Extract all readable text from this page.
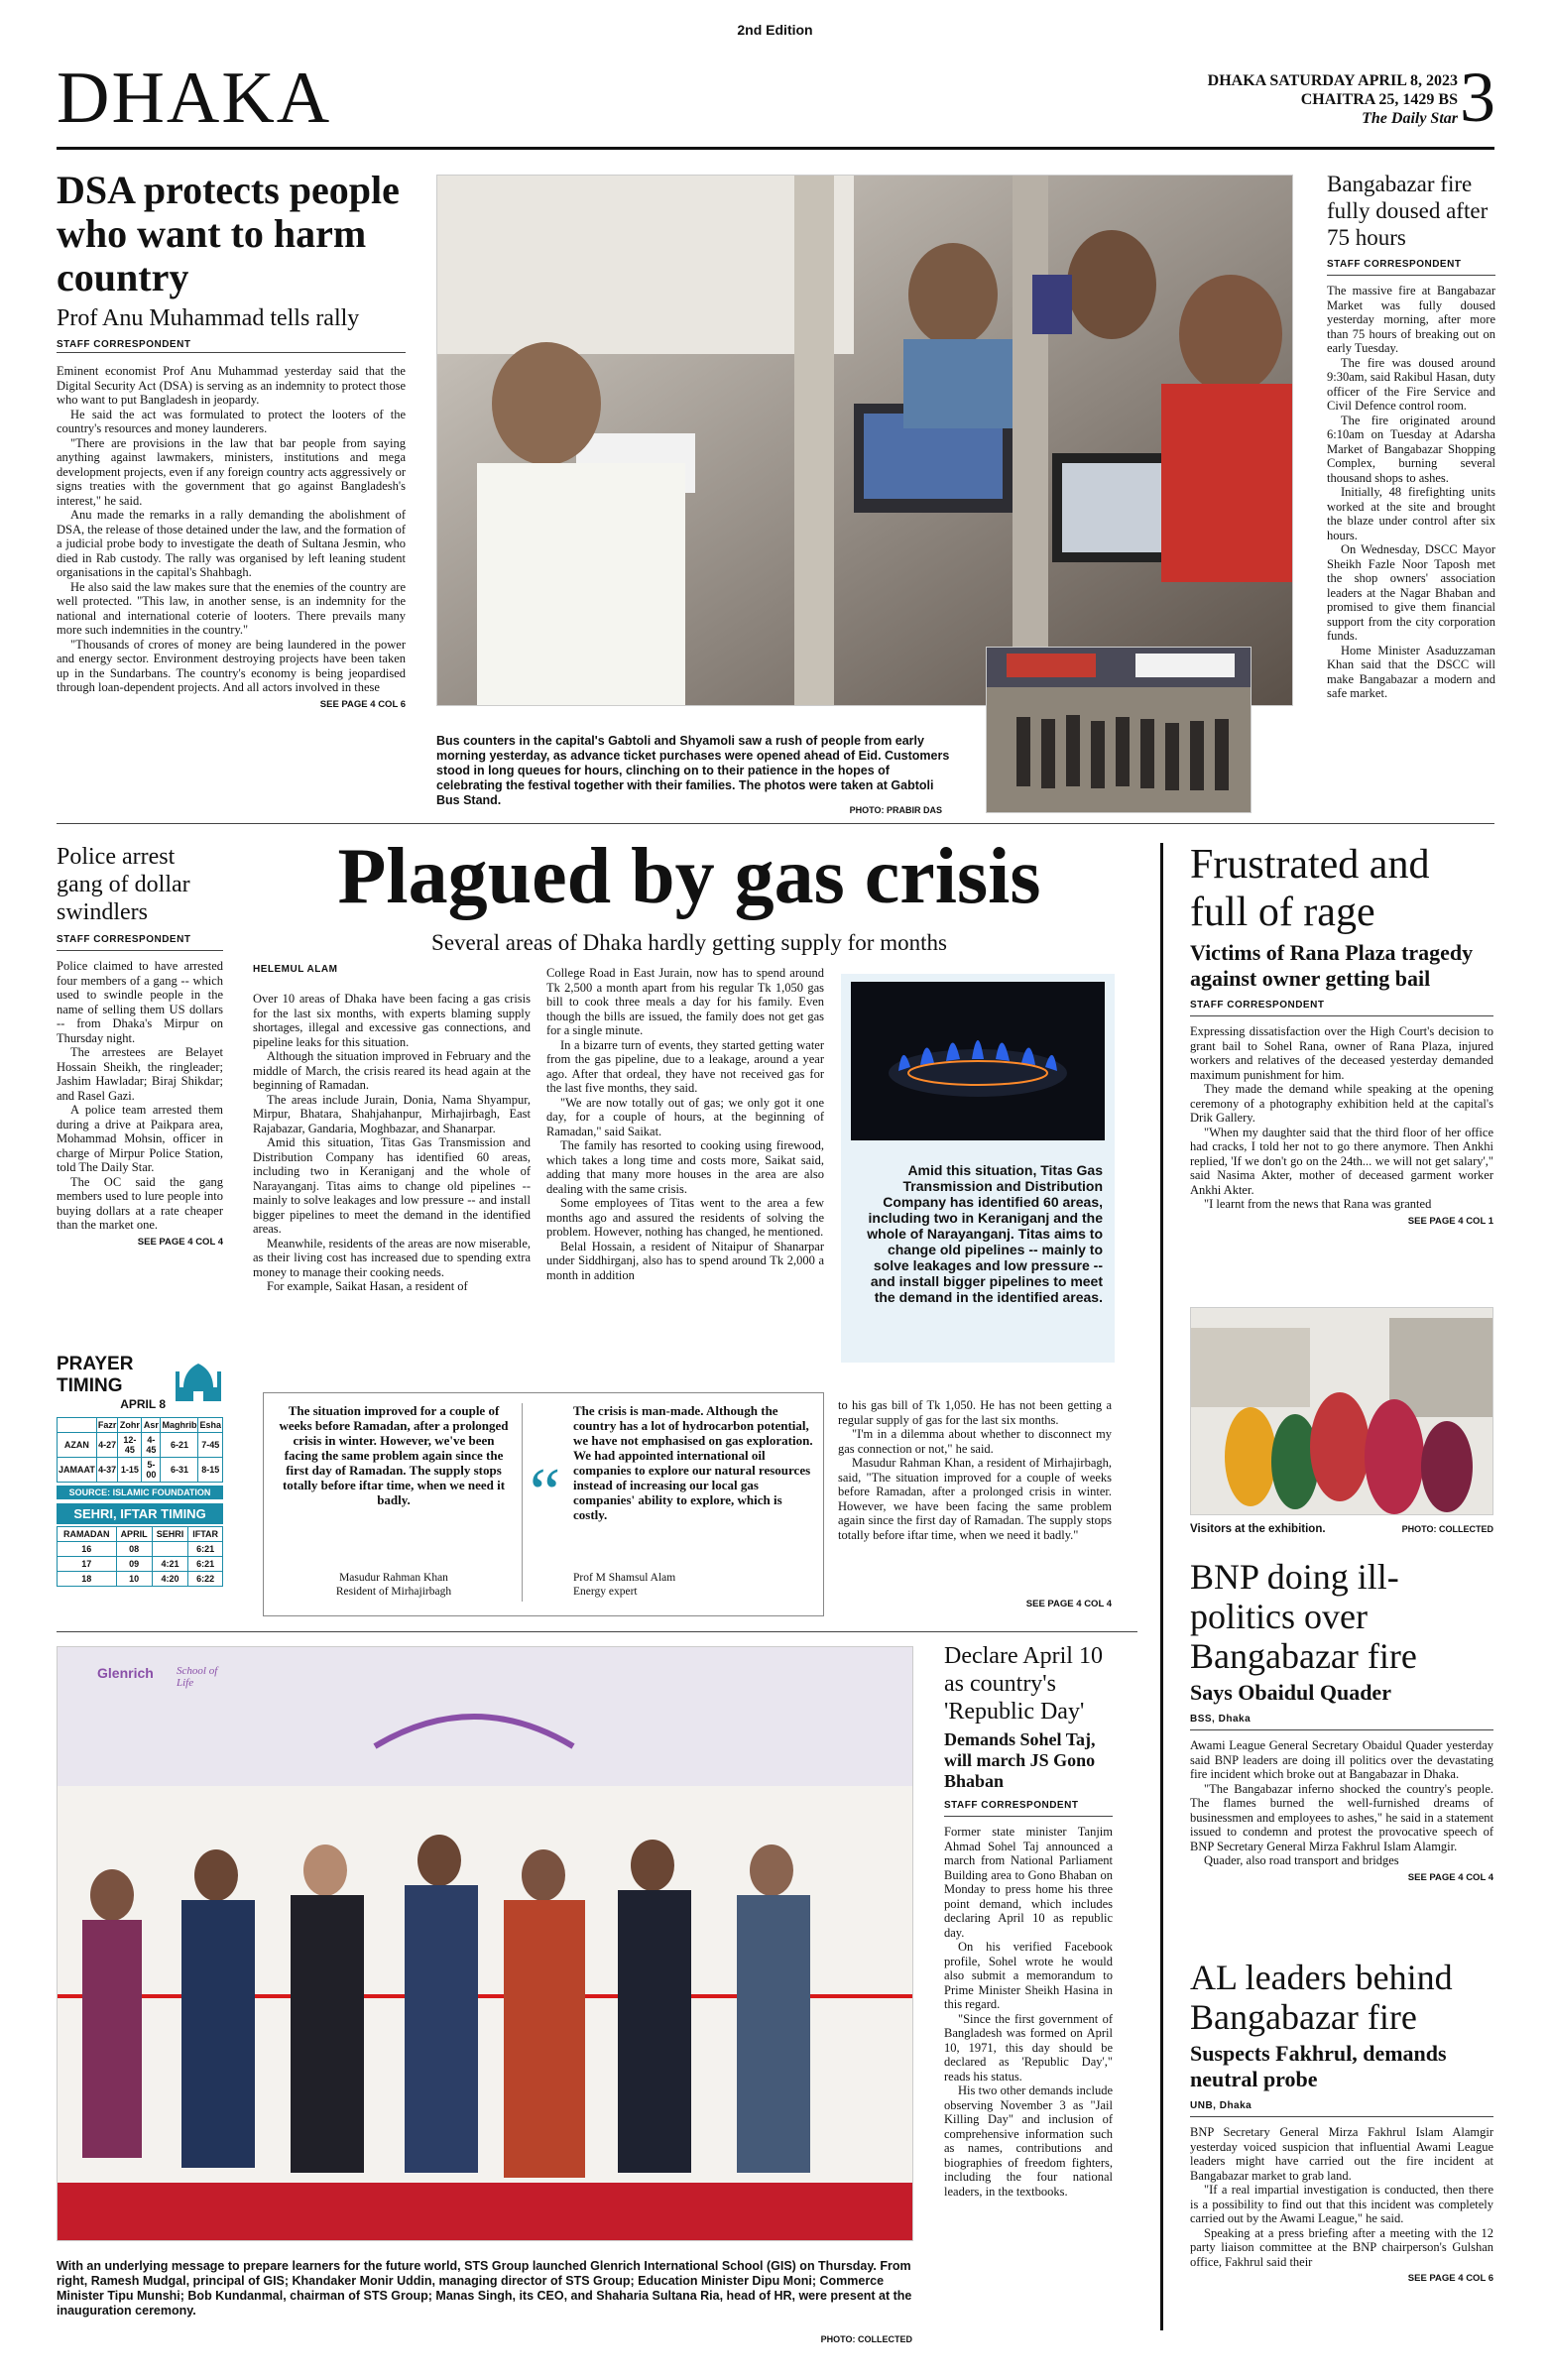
2nd Edition
DHAKA	DHAKA SATURDAY APRIL 8, 2023
CHAITRA 25, 1429 BS
The Daily Star 3
DSA protects people who want to harm country
Prof Anu Muhammad tells rally
STAFF CORRESPONDENT

Eminent economist Prof Anu Muhammad yesterday said that the Digital Security Act (DSA) is serving as an indemnity to protect those who want to put Bangladesh in jeopardy.

He said the act was formulated to protect the looters of the country's resources and money launderers.

"There are provisions in the law that bar people from saying anything against lawmakers, ministers, institutions and mega development projects, even if any foreign country acts aggressively or signs treaties with the government that go against Bangladesh's interest," he said.

Anu made the remarks in a rally demanding the abolishment of DSA, the release of those detained under the law, and the formation of a judicial probe body to investigate the death of Sultana Jesmin, who died in Rab custody. The rally was organised by left leaning student organisations in the capital's Shahbagh.

He also said the law makes sure that the enemies of the country are well protected. "This law, in another sense, is an indemnity for the national and international coterie of looters. There prevails many more such indemnities in the country."

"Thousands of crores of money are being laundered in the power and energy sector. Environment destroying projects have been taken up in the Sundarbans. The country's economy is being jeopardised through loan-dependent projects. And all actors involved in these

SEE PAGE 4 COL 6
Bus counters in the capital's Gabtoli and Shyamoli saw a rush of people from early morning yesterday, as advance ticket purchases were opened ahead of Eid. Customers stood in long queues for hours, clinching on to their patience in the hopes of celebrating the festival together with their families. The photos were taken at Gabtoli Bus Stand.
PHOTO: PRABIR DAS
Bangabazar fire fully doused after 75 hours
STAFF CORRESPONDENT

The massive fire at Bangabazar Market was fully doused yesterday morning, after more than 75 hours of breaking out on early Tuesday.

The fire was doused around 9:30am, said Rakibul Hasan, duty officer of the Fire Service and Civil Defence control room.

The fire originated around 6:10am on Tuesday at Adarsha Market of Bangabazar Shopping Complex, burning several thousand shops to ashes.

Initially, 48 firefighting units worked at the site and brought the blaze under control after six hours.

On Wednesday, DSCC Mayor Sheikh Fazle Noor Taposh met the shop owners' association leaders at the Nagar Bhaban and promised to give them financial support from the city corporation funds.

Home Minister Asaduzzaman Khan said that the DSCC will make Bangabazar a modern and safe market.

Police arrest gang of dollar swindlers
STAFF CORRESPONDENT

Police claimed to have arrested four members of a gang -- which used to swindle people in the name of selling them US dollars -- from Dhaka's Mirpur on Thursday night.

The arrestees are Belayet Hossain Sheikh, the ringleader; Jashim Hawladar; Biraj Shikdar; and Rasel Gazi.

A police team arrested them during a drive at Paikpara area, Mohammad Mohsin, officer in charge of Mirpur Police Station, told The Daily Star.

The OC said the gang members used to lure people into buying dollars at a rate cheaper than the market one.

SEE PAGE 4 COL 4
PRAYER TIMING
APRIL 8
	Fazr	Zohr	Asr	Maghrib	Esha
AZAN	4-27	12-45	4-45	6-21	7-45
JAMAAT	4-37	1-15	5-00	6-31	8-15
SOURCE: ISLAMIC FOUNDATION
SEHRI, IFTAR TIMING
RAMADAN	APRIL	SEHRI	IFTAR
16	08		6:21
17	09	4:21	6:21
18	10	4:20	6:22
Plagued by gas crisis
Several areas of Dhaka hardly getting supply for months
HELEMUL ALAM

Over 10 areas of Dhaka have been facing a gas crisis for the last six months, with experts blaming supply shortages, illegal and excessive gas connections, and pipeline leaks for this situation.

Although the situation improved in February and the middle of March, the crisis reared its head again at the beginning of Ramadan.

The areas include Jurain, Donia, Nama Shyampur, Mirpur, Bhatara, Shahjahanpur, Mirhajirbagh, East Rajabazar, Gandaria, Moghbazar, and Shanarpar.

Amid this situation, Titas Gas Transmission and Distribution Company has identified 60 areas, including two in Keraniganj and the whole of Narayanganj. Titas aims to change old pipelines -- mainly to solve leakages and low pressure -- and install bigger pipelines to meet the demand in the identified areas.

Meanwhile, residents of the areas are now miserable, as their living cost has increased due to spending extra money to manage their cooking needs.

For example, Saikat Hasan, a resident of

College Road in East Jurain, now has to spend around Tk 2,500 a month apart from his regular Tk 1,050 gas bill to cook three meals a day for his family. Even though the bills are issued, the family does not get gas for a single minute.

In a bizarre turn of events, they started getting water from the gas pipeline, due to a leakage, around a year ago. After that ordeal, they have not received gas for the last five months, they said.

"We are now totally out of gas; we only got it one day, for a couple of hours, at the beginning of Ramadan," said Saikat.

The family has resorted to cooking using firewood, which takes a long time and costs more, Saikat said, adding that many more houses in the area are also dealing with the same crisis.

Some employees of Titas went to the area a few months ago and assured the residents of solving the problem. However, nothing has changed, he mentioned.

Belal Hossain, a resident of Nitaipur of Shanarpar under Siddhirganj, also has to spend around Tk 2,000 a month in addition

Amid this situation, Titas Gas Transmission and Distribution Company has identified 60 areas, including two in Keraniganj and the whole of Narayanganj. Titas aims to change old pipelines -- mainly to solve leakages and low pressure -- and install bigger pipelines to meet the demand in the identified areas.
The situation improved for a couple of weeks before Ramadan, after a prolonged crisis in winter. However, we've been facing the same problem again since the first day of Ramadan. The supply stops totally before iftar time, when we need it badly.
Masudur Rahman Khan
Resident of Mirhajirbagh
“
The crisis is man-made. Although the country has a lot of hydrocarbon potential, we have not emphasised on gas exploration. We had appointed international oil companies to explore our natural resources instead of increasing our local gas companies' ability to explore, which is costly.
Prof M Shamsul Alam
Energy expert

to his gas bill of Tk 1,050. He has not been getting a regular supply of gas for the last six months.

"I'm in a dilemma about whether to disconnect my gas connection or not," he said.

Masudur Rahman Khan, a resident of Mirhajirbagh, said, "The situation improved for a couple of weeks before Ramadan, after a prolonged crisis in winter. However, we have been facing the same problem again since the first day of Ramadan. The supply stops totally before iftar time, when we need it badly."

SEE PAGE 4 COL 4
Frustrated and full of rage
Victims of Rana Plaza tragedy against owner getting bail
STAFF CORRESPONDENT

Expressing dissatisfaction over the High Court's decision to grant bail to Sohel Rana, owner of Rana Plaza, injured workers and relatives of the deceased yesterday demanded maximum punishment for him.

They made the demand while speaking at the opening ceremony of a photography exhibition held at the capital's Drik Gallery.

"When my daughter said that the third floor of her office had cracks, I told her not to go there anymore. Then Ankhi replied, 'If we don't go on the 24th... we will not get salary'," said Nasima Akter, mother of deceased garment worker Ankhi Akter.

"I learnt from the news that Rana was granted

SEE PAGE 4 COL 1
Visitors at the exhibition.	PHOTO: COLLECTED
BNP doing ill-politics over Bangabazar fire
Says Obaidul Quader
BSS, Dhaka

Awami League General Secretary Obaidul Quader yesterday said BNP leaders are doing ill politics over the devastating fire incident which broke out at Bangabazar in Dhaka.

"The Bangabazar inferno shocked the country's people. The flames burned the well-furnished dreams of businessmen and employees to ashes," he said in a statement issued to condemn and protest the provocative speech of BNP Secretary General Mirza Fakhrul Islam Alamgir.

Quader, also road transport and bridges

SEE PAGE 4 COL 4
AL leaders behind Bangabazar fire
Suspects Fakhrul, demands neutral probe
UNB, Dhaka

BNP Secretary General Mirza Fakhrul Islam Alamgir yesterday voiced suspicion that influential Awami League leaders might have carried out the fire incident at Bangabazar market to grab land.

"If a real impartial investigation is conducted, then there is a possibility to find out that this incident was completely carried out by the Awami League," he said.

Speaking at a press briefing after a meeting with the 12 party liaison committee at the BNP chairperson's Gulshan office, Fakhrul said their

SEE PAGE 4 COL 6
Glenrich School of Life
With an underlying message to prepare learners for the future world, STS Group launched Glenrich International School (GIS) on Thursday. From right, Ramesh Mudgal, principal of GIS; Khandaker Monir Uddin, managing director of STS Group; Education Minister Dipu Moni; Commerce Minister Tipu Munshi; Bob Kundanmal, chairman of STS Group; Manas Singh, its CEO, and Shaharia Sultana Ria, head of HR, were present at the inauguration ceremony.
PHOTO: COLLECTED
Declare April 10 as country's 'Republic Day'
Demands Sohel Taj, will march JS Gono Bhaban
STAFF CORRESPONDENT

Former state minister Tanjim Ahmad Sohel Taj announced a march from National Parliament Building area to Gono Bhaban on Monday to press home his three point demand, which includes declaring April 10 as republic day.

On his verified Facebook profile, Sohel wrote he would also submit a memorandum to Prime Minister Sheikh Hasina in this regard.

"Since the first government of Bangladesh was formed on April 10, 1971, this day should be declared as 'Republic Day'," reads his status.

His two other demands include observing November 3 as "Jail Killing Day" and inclusion of comprehensive information such as names, contributions and biographies of freedom fighters, including the four national leaders, in the textbooks.
